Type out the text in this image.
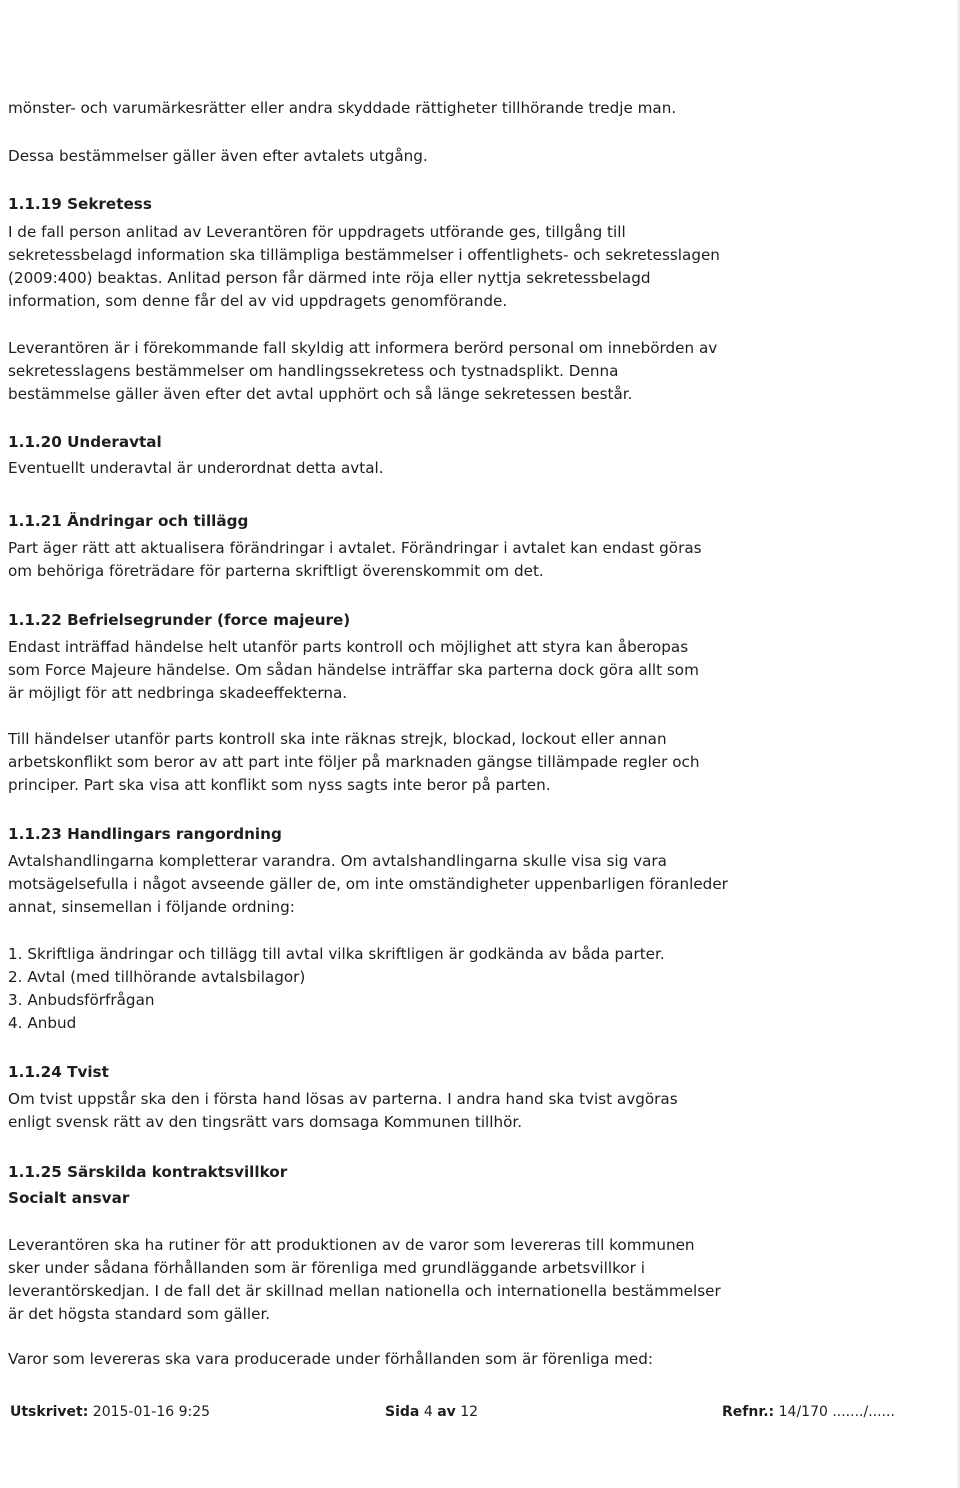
mönster- och varumärkesrätter eller andra skyddade rättigheter tillhörande tredje man.
Dessa bestämmelser gäller även efter avtalets utgång.
1.1.19 Sekretess
I de fall person anlitad av Leverantören för uppdragets utförande ges, tillgång till
sekretessbelagd information ska tillämpliga bestämmelser i offentlighets- och sekretesslagen
(2009:400) beaktas. Anlitad person får därmed inte röja eller nyttja sekretessbelagd
information, som denne får del av vid uppdragets genomförande.
Leverantören är i förekommande fall skyldig att informera berörd personal om innebörden av
sekretesslagens bestämmelser om handlingssekretess och tystnadsplikt. Denna
bestämmelse gäller även efter det avtal upphört och så länge sekretessen består.
1.1.20 Underavtal
Eventuellt underavtal är underordnat detta avtal.
1.1.21 Ändringar och tillägg
Part äger rätt att aktualisera förändringar i avtalet. Förändringar i avtalet kan endast göras
om behöriga företrädare för parterna skriftligt överenskommit om det.
1.1.22 Befrielsegrunder (force majeure)
Endast inträffad händelse helt utanför parts kontroll och möjlighet att styra kan åberopas
som Force Majeure händelse. Om sådan händelse inträffar ska parterna dock göra allt som
är möjligt för att nedbringa skadeeffekterna.
Till händelser utanför parts kontroll ska inte räknas strejk, blockad, lockout eller annan
arbetskonflikt som beror av att part inte följer på marknaden gängse tillämpade regler och
principer. Part ska visa att konflikt som nyss sagts inte beror på parten.
1.1.23 Handlingars rangordning
Avtalshandlingarna kompletterar varandra. Om avtalshandlingarna skulle visa sig vara
motsägelsefulla i något avseende gäller de, om inte omständigheter uppenbarligen föranleder
annat, sinsemellan i följande ordning:
1. Skriftliga ändringar och tillägg till avtal vilka skriftligen är godkända av båda parter.
2. Avtal (med tillhörande avtalsbilagor)
3. Anbudsförfrågan
4. Anbud
1.1.24 Tvist
Om tvist uppstår ska den i första hand lösas av parterna. I andra hand ska tvist avgöras
enligt svensk rätt av den tingsrätt vars domsaga Kommunen tillhör.
1.1.25 Särskilda kontraktsvillkor
Socialt ansvar
Leverantören ska ha rutiner för att produktionen av de varor som levereras till kommunen
sker under sådana förhållanden som är förenliga med grundläggande arbetsvillkor i
leverantörskedjan. I de fall det är skillnad mellan nationella och internationella bestämmelser
är det högsta standard som gäller.
Varor som levereras ska vara producerade under förhållanden som är förenliga med:
Utskrivet: 2015-01-16 9:25	Sida 4 av 12	Refnr.: 14/170 ......./......
